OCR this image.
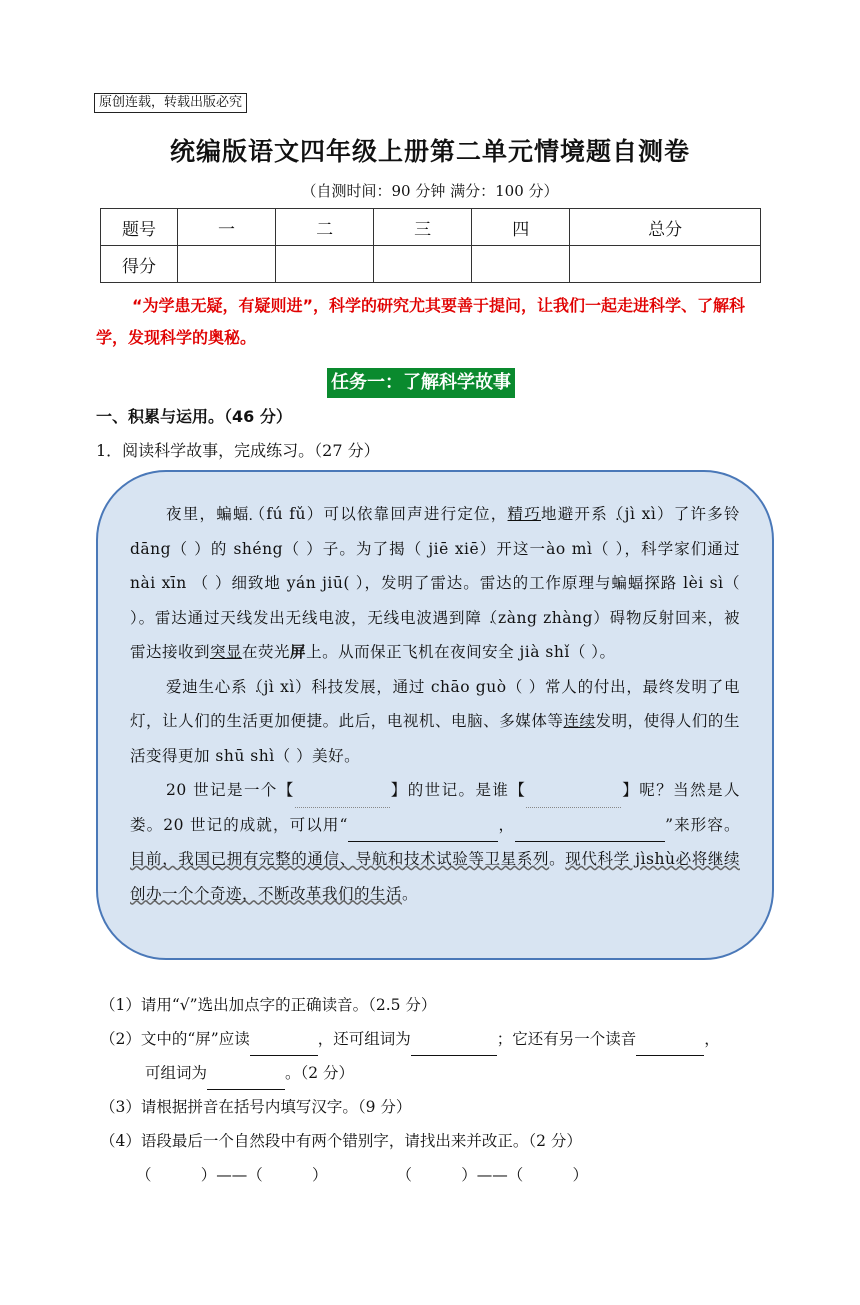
原创连载，转载出版必究
统编版语文四年级上册第二单元情境题自测卷
（自测时间：90 分钟 满分：100 分）
题号	一	二	三	四	总分
得分					
“为学患无疑，有疑则进”，科学的研究尤其要善于提问，让我们一起走进科学、了解科学，发现科学的奥秘。
任务一：了解科学故事
一、积累与运用。（46 分）
1．阅读科学故事，完成练习。（27 分）

夜里，蝙蝠（fú fǔ）可以依靠回声进行定位，精巧地避开系（jì xì）了许多铃 dāng（ ）的 shéng（ ）子。为了揭（ jiē xiē）开这一ào mì（ ），科学家们通过 nài xīn （ ）细致地 yán jiū( ），发明了雷达。雷达的工作原理与蝙蝠探路 lèi sì（ ）。雷达通过天线发出无线电波，无线电波遇到障（zàng zhàng）碍物反射回来，被雷达接收到突显在荧光屏上。从而保正飞机在夜间安全 jià shǐ（ ）。

爱迪生心系（jì xì）科技发展，通过 chāo guò（ ）常人的付出，最终发明了电灯，让人们的生活更加便捷。此后，电视机、电脑、多媒体等连续发明，使得人们的生活变得更加 shū shì（ ）美好。

20 世记是一个【	】的世记。是谁【	】呢？当然是人娄。20 世记的成就，可以用“	，	”来形容。目前，我国已拥有完整的通信、导航和技术试验等卫星系列。现代科学 jìshù必将继续创办一个个奇迹，不断改革我们的生活。

（1）请用“√”选出加点字的正确读音。（2.5 分）
（2）文中的“屏”应读	，还可组词为	；它还有另一个读音	，
可组词为	。（2 分）
（3）请根据拼音在括号内填写汉字。（9 分）
（4）语段最后一个自然段中有两个错别字，请找出来并改正。（2 分）
（          ）——（          ）              （          ）——（          ）
